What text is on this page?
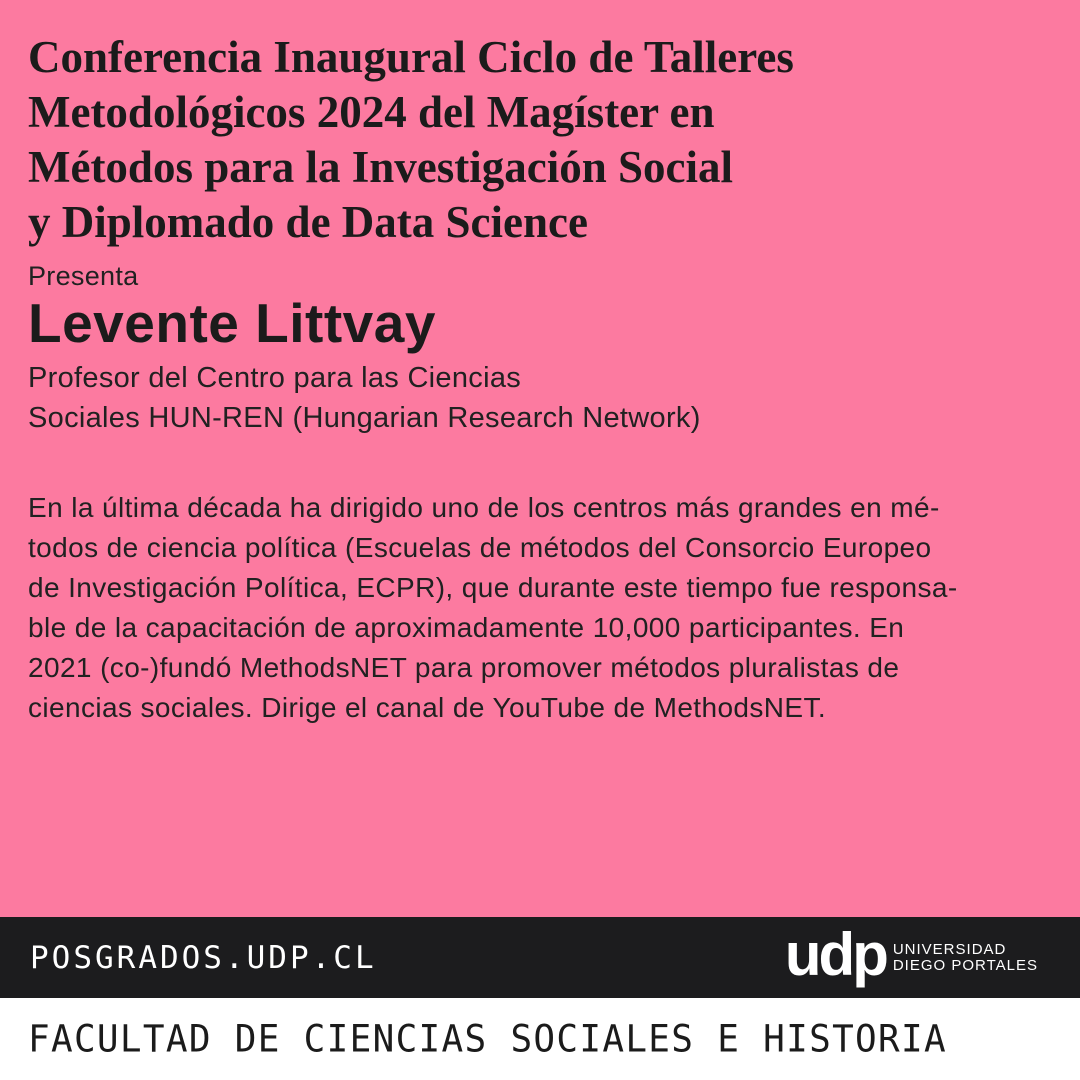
Conferencia Inaugural Ciclo de Talleres
Metodológicos 2024 del Magíster en
Métodos para la Investigación Social
y Diplomado de Data Science
Presenta
Levente Littvay
Profesor del Centro para las Ciencias
Sociales HUN-REN (Hungarian Research Network)
En la última década ha dirigido uno de los centros más grandes en mé-
todos de ciencia política (Escuelas de métodos del Consorcio Europeo
de Investigación Política, ECPR), que durante este tiempo fue responsa-
ble de la capacitación de aproximadamente 10,000 participantes. En
2021 (co-)fundó MethodsNET para promover métodos pluralistas de
ciencias sociales. Dirige el canal de YouTube de MethodsNET.
POSGRADOS.UDP.CL	udp UNIVERSIDAD
DIEGO PORTALES
FACULTAD DE CIENCIAS SOCIALES E HISTORIA
